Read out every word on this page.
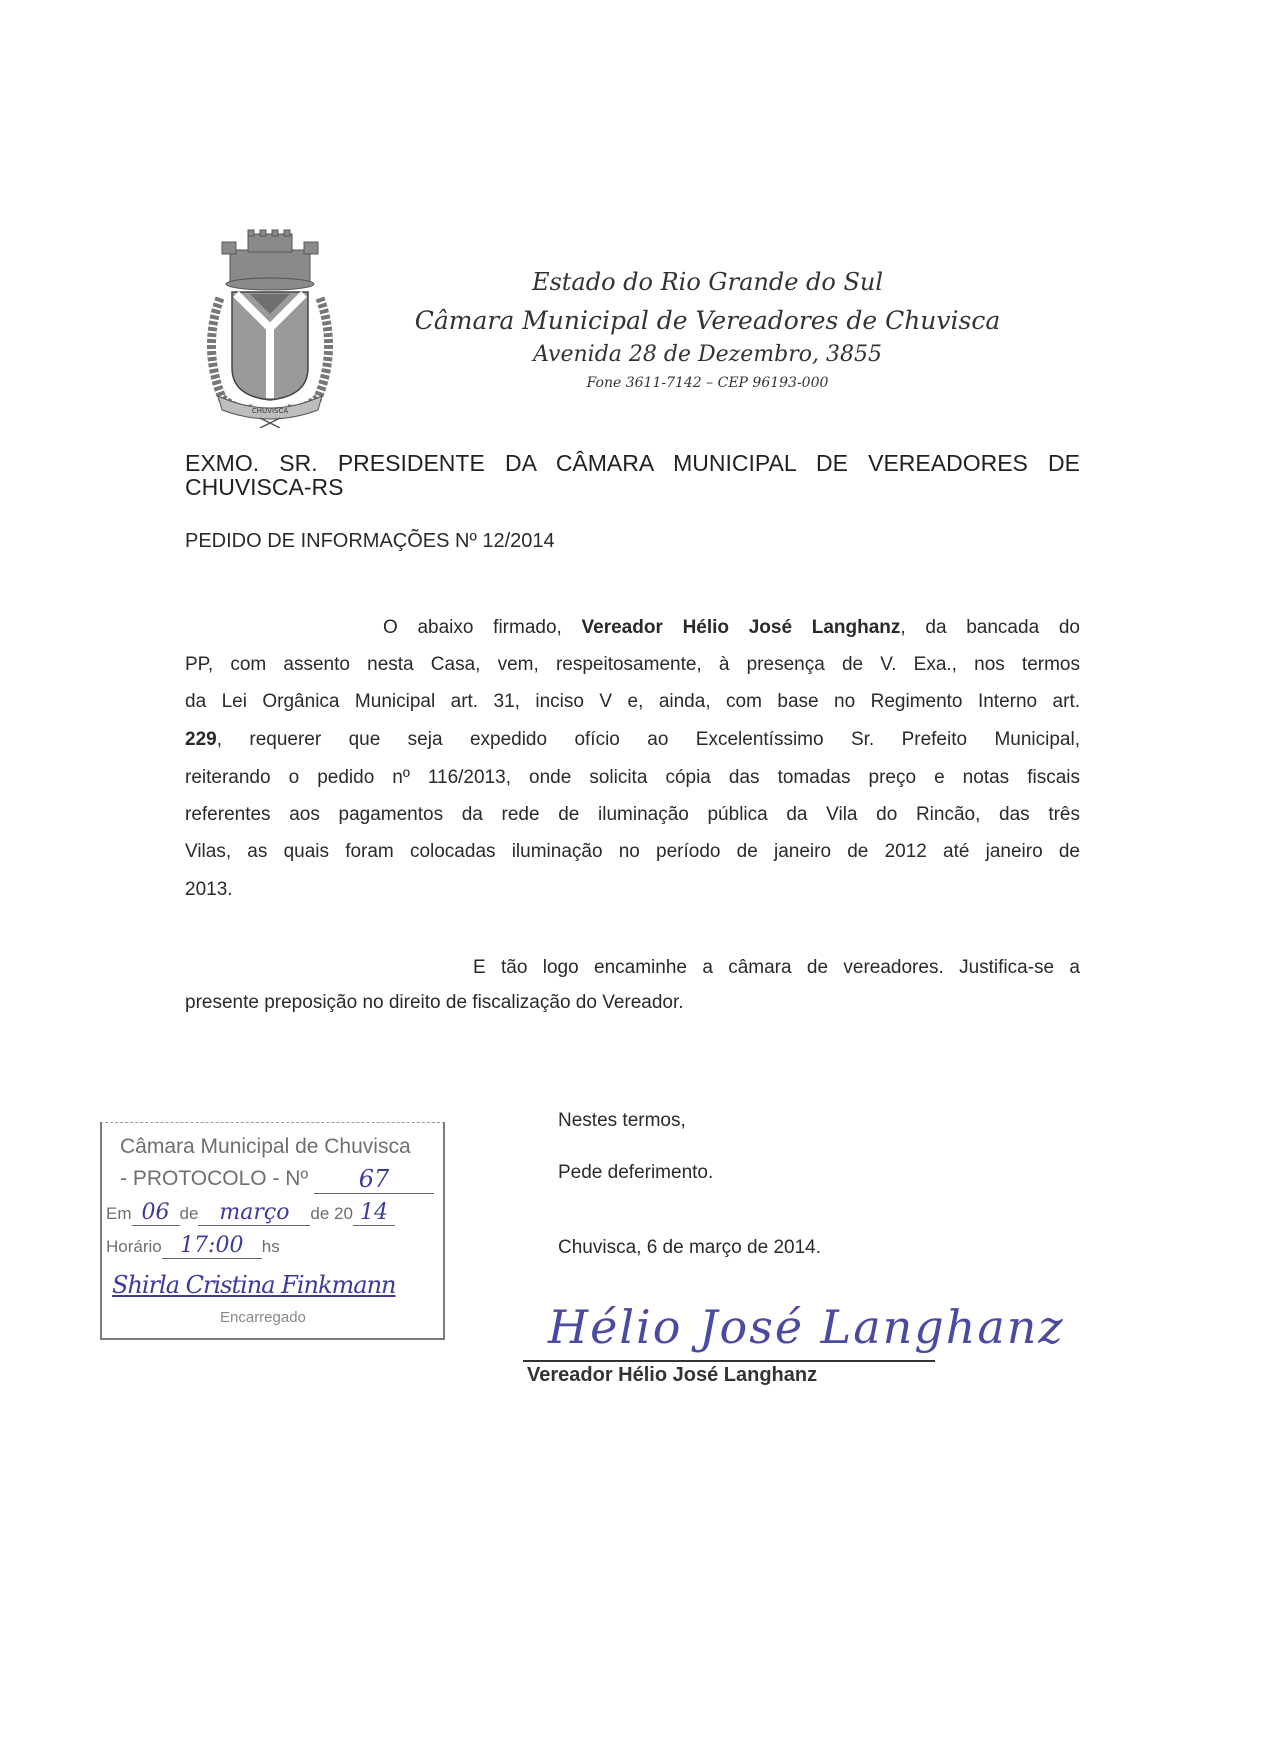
CHUVISCA
Estado do Rio Grande do Sul
Câmara Municipal de Vereadores de Chuvisca
Avenida 28 de Dezembro, 3855
Fone 3611-7142 – CEP 96193-000
EXMO. SR. PRESIDENTE DA CÂMARA MUNICIPAL DE VEREADORES DE
CHUVISCA-RS
PEDIDO DE INFORMAÇÕES Nº 12/2014
O abaixo firmado, Vereador Hélio José Langhanz, da bancada do
PP, com assento nesta Casa, vem, respeitosamente, à presença de V. Exa., nos termos
da Lei Orgânica Municipal art. 31, inciso V e, ainda, com base no Regimento Interno art.
229, requerer que seja expedido ofício ao Excelentíssimo Sr. Prefeito Municipal,
reiterando o pedido nº 116/2013, onde solicita cópia das tomadas preço e notas fiscais
referentes aos pagamentos da rede de iluminação pública da Vila do Rincão, das três
Vilas, as quais foram colocadas iluminação no período de janeiro de 2012 até janeiro de
2013.
E tão logo encaminhe a câmara de vereadores. Justifica-se a
presente preposição no direito de fiscalização do Vereador.
Câmara Municipal de Chuvisca
- PROTOCOLO - Nº 67
Em 06 de março de 20 14
Horário 17:00 hs
Shirla Cristina Finkmann
Encarregado
Nestes termos,
Pede deferimento.
Chuvisca, 6 de março de 2014.
Hélio José Langhanz
Vereador Hélio José Langhanz
